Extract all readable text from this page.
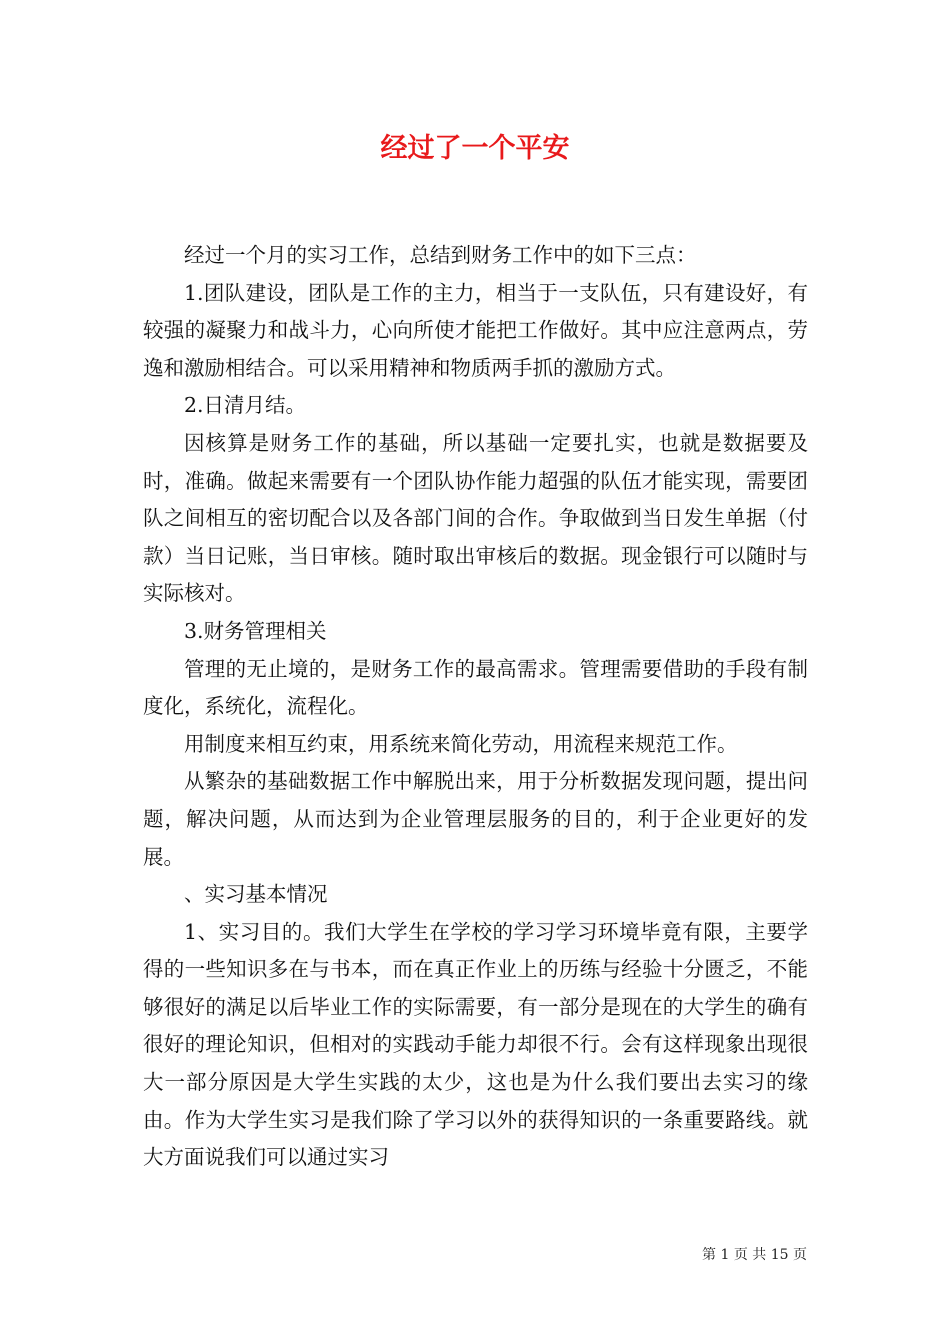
经过了一个平安

经过一个月的实习工作，总结到财务工作中的如下三点：

1.团队建设，团队是工作的主力，相当于一支队伍，只有建设好，有较强的凝聚力和战斗力，心向所使才能把工作做好。其中应注意两点，劳逸和激励相结合。可以采用精神和物质两手抓的激励方式。

2.日清月结。

因核算是财务工作的基础，所以基础一定要扎实，也就是数据要及时，准确。做起来需要有一个团队协作能力超强的队伍才能实现，需要团队之间相互的密切配合以及各部门间的合作。争取做到当日发生单据（付款）当日记账，当日审核。随时取出审核后的数据。现金银行可以随时与实际核对。

3.财务管理相关

管理的无止境的，是财务工作的最高需求。管理需要借助的手段有制度化，系统化，流程化。

用制度来相互约束，用系统来简化劳动，用流程来规范工作。

从繁杂的基础数据工作中解脱出来，用于分析数据发现问题，提出问题，解决问题，从而达到为企业管理层服务的目的，利于企业更好的发展。

、实习基本情况

1、实习目的。我们大学生在学校的学习学习环境毕竟有限，主要学得的一些知识多在与书本，而在真正作业上的历练与经验十分匮乏，不能够很好的满足以后毕业工作的实际需要，有一部分是现在的大学生的确有很好的理论知识，但相对的实践动手能力却很不行。会有这样现象出现很大一部分原因是大学生实践的太少，这也是为什么我们要出去实习的缘由。作为大学生实习是我们除了学习以外的获得知识的一条重要路线。就大方面说我们可以通过实习

第 1 页 共 15 页
